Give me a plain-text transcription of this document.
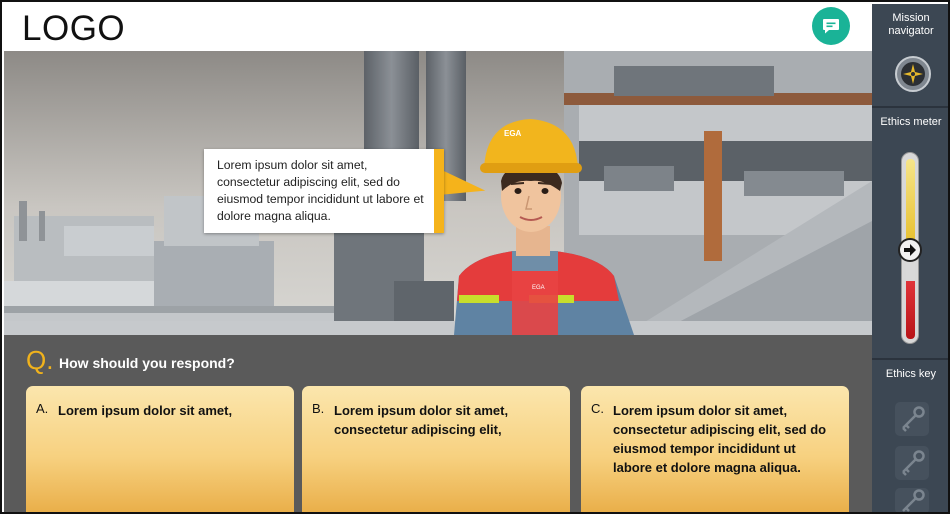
LOGO
EGA
EGA
Lorem ipsum dolor sit amet, consectetur adipiscing elit, sed do eiusmod tempor incididunt ut labore et dolore magna aliqua.
Q. How should you respond?
A. Lorem ipsum dolor sit amet,	B. Lorem ipsum dolor sit amet, consectetur adipiscing elit,
C. Lorem ipsum dolor sit amet, consectetur adipiscing elit, sed do eiusmod tempor incididunt ut labore et dolore magna aliqua.
Mission navigator
Ethics meter
Ethics key
